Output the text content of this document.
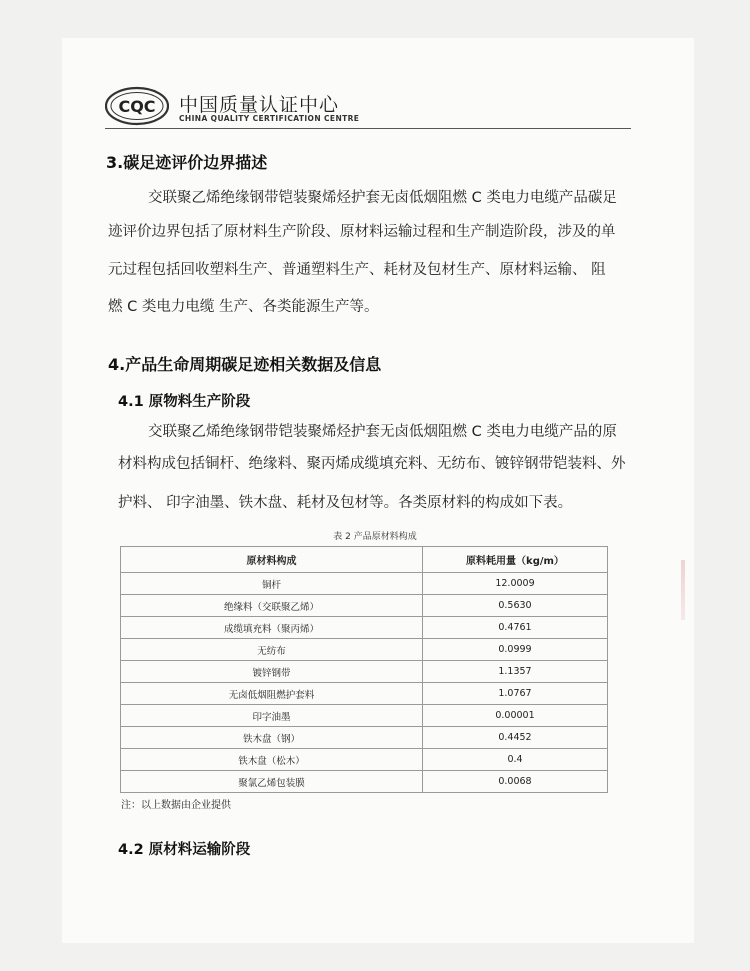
CQC 中国质量认证中心
CHINA QUALITY CERTIFICATION CENTRE
3.碳足迹评价边界描述
交联聚乙烯绝缘钢带铠装聚烯烃护套无卤低烟阻燃 C 类电力电缆产品碳足
迹评价边界包括了原材料生产阶段、原材料运输过程和生产制造阶段，涉及的单
元过程包括回收塑料生产、普通塑料生产、耗材及包材生产、原材料运输、 阻
燃 C 类电力电缆 生产、各类能源生产等。
4.产品生命周期碳足迹相关数据及信息
4.1 原物料生产阶段
交联聚乙烯绝缘钢带铠装聚烯烃护套无卤低烟阻燃 C 类电力电缆产品的原
材料构成包括铜杆、绝缘料、聚丙烯成缆填充料、无纺布、镀锌钢带铠装料、外
护料、 印字油墨、铁木盘、耗材及包材等。各类原材料的构成如下表。
表 2 产品原材料构成
原材料构成	原料耗用量（kg/m）
铜杆	12.0009
绝缘料（交联聚乙烯）	0.5630
成缆填充料（聚丙烯）	0.4761
无纺布	0.0999
镀锌钢带	1.1357
无卤低烟阻燃护套料	1.0767
印字油墨	0.00001
铁木盘（钢）	0.4452
铁木盘（松木）	0.4
聚氯乙烯包装膜	0.0068
注：以上数据由企业提供
4.2 原材料运输阶段
